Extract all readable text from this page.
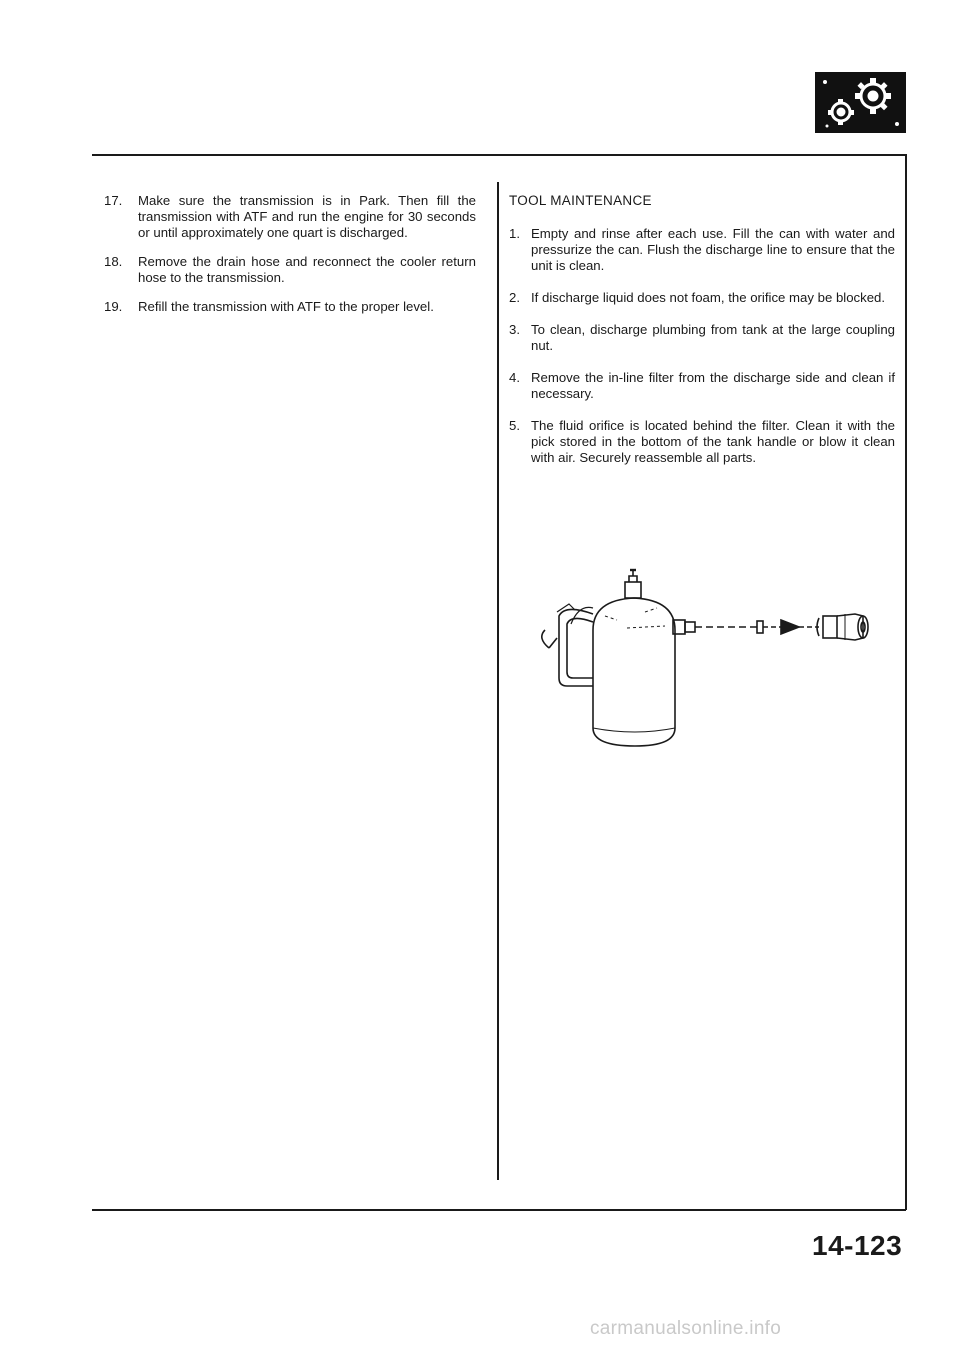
17.	Make sure the transmission is in Park. Then fill the transmission with ATF and run the engine for 30 seconds or until approximately one quart is discharged.
18.	Remove the drain hose and reconnect the cooler return hose to the transmission.
19.	Refill the transmission with ATF to the proper level.
TOOL MAINTENANCE
1. Empty and rinse after each use. Fill the can with water and pressurize the can. Flush the discharge line to ensure that the unit is clean.
2. If discharge liquid does not foam, the orifice may be blocked.
3. To clean, discharge plumbing from tank at the large coupling nut.
4. Remove the in-line filter from the discharge side and clean if necessary.
5. The fluid orifice is located behind the filter. Clean it with the pick stored in the bottom of the tank handle or blow it clean with air. Securely reassemble all parts.
14-123
carmanualsonline.info
